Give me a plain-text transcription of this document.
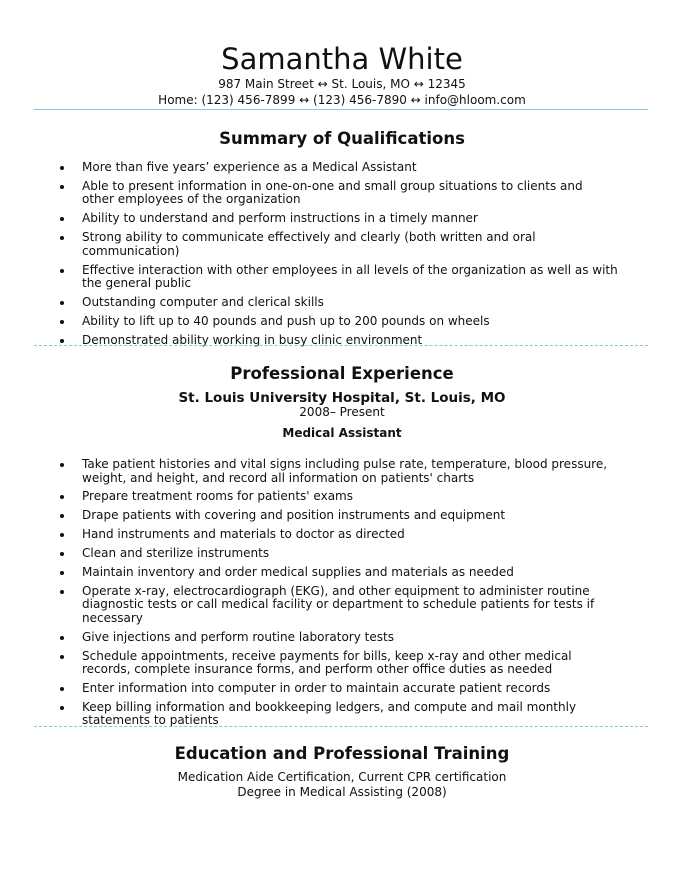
Samantha White
987 Main Street ↔ St. Louis, MO ↔ 12345
Home: (123) 456-7899 ↔ (123) 456-7890 ↔ info@hloom.com
Summary of Qualifications
More than five years’ experience as a Medical Assistant
Able to present information in one-on-one and small group situations to clients and other employees of the organization
Ability to understand and perform instructions in a timely manner
Strong ability to communicate effectively and clearly (both written and oral communication)
Effective interaction with other employees in all levels of the organization as well as with the general public
Outstanding computer and clerical skills
Ability to lift up to 40 pounds and push up to 200 pounds on wheels
Demonstrated ability working in busy clinic environment
Professional Experience
St. Louis University Hospital, St. Louis, MO
2008– Present
Medical Assistant
Take patient histories and vital signs including pulse rate, temperature, blood pressure, weight, and height, and record all information on patients' charts
Prepare treatment rooms for patients' exams
Drape patients with covering and position instruments and equipment
Hand instruments and materials to doctor as directed
Clean and sterilize instruments
Maintain inventory and order medical supplies and materials as needed
Operate x-ray, electrocardiograph (EKG), and other equipment to administer routine diagnostic tests or call medical facility or department to schedule patients for tests if necessary
Give injections and perform routine laboratory tests
Schedule appointments, receive payments for bills, keep x-ray and other medical records, complete insurance forms, and perform other office duties as needed
Enter information into computer in order to maintain accurate patient records
Keep billing information and bookkeeping ledgers, and compute and mail monthly statements to patients
Education and Professional Training
Medication Aide Certification, Current CPR certification
Degree in Medical Assisting (2008)
